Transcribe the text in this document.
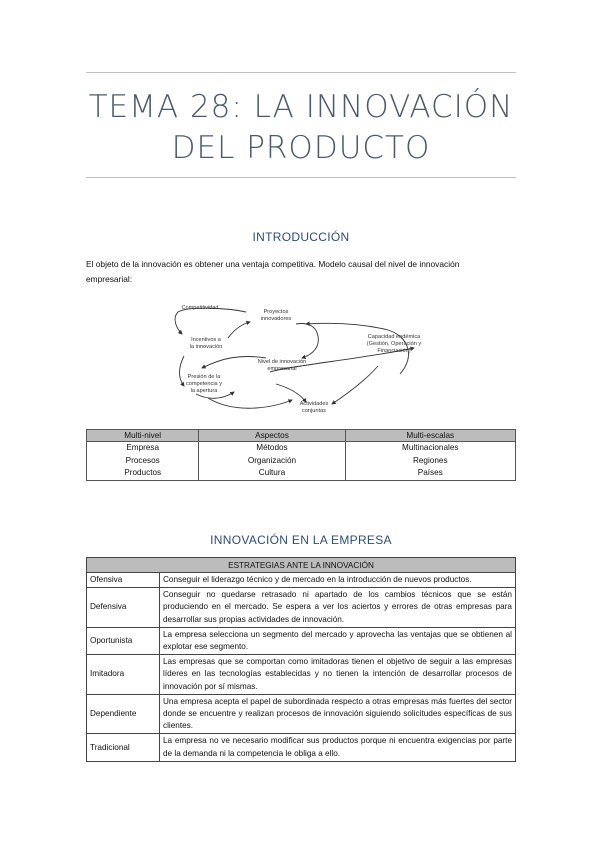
TEMA 28: LA INNOVACIÓN
DEL PRODUCTO
INTRODUCCIÓN
El objeto de la innovación es obtener una ventaja competitiva. Modelo causal del nivel de innovación
empresarial:
Competitividad
Proyectos
innovadores
Incentivos a
la innovación
Capacidad endémica
(Gestión, Operación y
Financiación)
Nivel de innovación
empresarial
Presión de la
competencia y
la apertura
Actividades
conjuntas
Multi-nivel	Aspectos	Multi-escalas
Empresa	Métodos	Multinacionales
Procesos	Organización	Regiones
Productos	Cultura	Países
INNOVACIÓN EN LA EMPRESA
ESTRATEGIAS ANTE LA INNOVACIÓN	
Ofensiva	Conseguir el liderazgo técnico y de mercado en la introducción de nuevos productos.
Defensiva	Conseguir no quedarse retrasado ni apartado de los cambios técnicos que se están produciendo en el mercado. Se espera a ver los aciertos y errores de otras empresas para desarrollar sus propias actividades de innovación.
Oportunista	La empresa selecciona un segmento del mercado y aprovecha las ventajas que se obtienen al explotar ese segmento.
Imitadora	Las empresas que se comportan como imitadoras tienen el objetivo de seguir a las empresas líderes en las tecnologías establecidas y no tienen la intención de desarrollar procesos de innovación por sí mismas.
Dependiente	Una empresa acepta el papel de subordinada respecto a otras empresas más fuertes del sector donde se encuentre y realizan procesos de innovación siguiendo solicitudes específicas de sus clientes.
Tradicional	La empresa no ve necesario modificar sus productos porque ni encuentra exigencias por parte de la demanda ni la competencia le obliga a ello.
